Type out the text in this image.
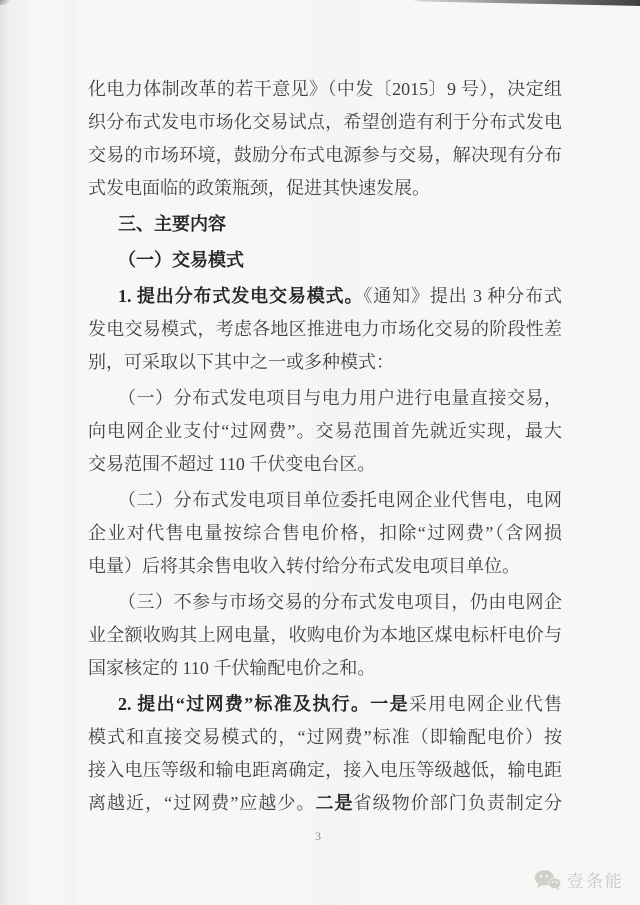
化电力体制改革的若干意见》（中发〔2015〕9 号），决定组
织分布式发电市场化交易试点，希望创造有利于分布式发电
交易的市场环境，鼓励分布式电源参与交易，解决现有分布
式发电面临的政策瓶颈，促进其快速发展。
三、主要内容
（一）交易模式
1. 提出分布式发电交易模式。《通知》提出 3 种分布式
发电交易模式，考虑各地区推进电力市场化交易的阶段性差
别，可采取以下其中之一或多种模式：
（一）分布式发电项目与电力用户进行电量直接交易，
向电网企业支付“过网费”。交易范围首先就近实现，最大
交易范围不超过 110 千伏变电台区。
（二）分布式发电项目单位委托电网企业代售电，电网
企业对代售电量按综合售电价格，扣除“过网费”（含网损
电量）后将其余售电收入转付给分布式发电项目单位。
（三）不参与市场交易的分布式发电项目，仍由电网企
业全额收购其上网电量，收购电价为本地区煤电标杆电价与
国家核定的 110 千伏输配电价之和。
2. 提出“过网费”标准及执行。一是采用电网企业代售
模式和直接交易模式的，“过网费”标准（即输配电价）按
接入电压等级和输电距离确定，接入电压等级越低，输电距
离越近，“过网费”应越少。二是省级物价部门负责制定分
3
壹条能
